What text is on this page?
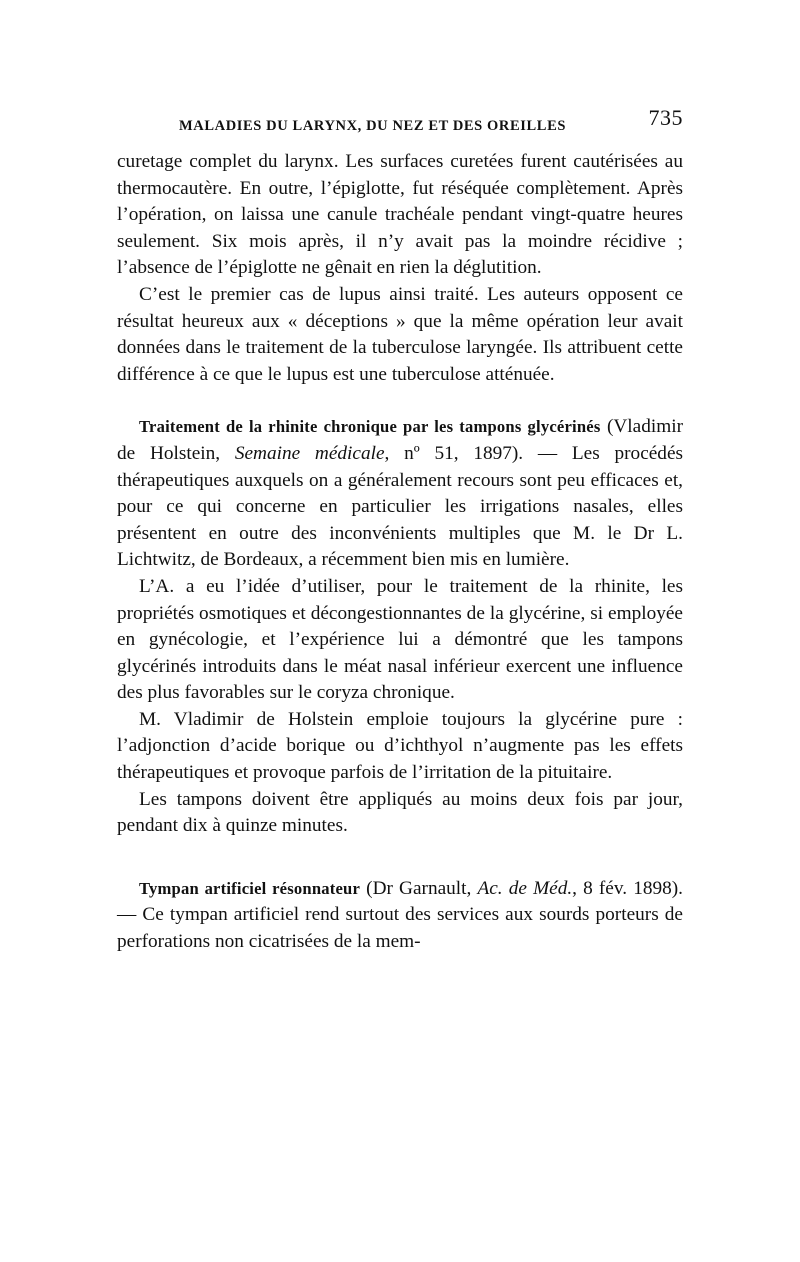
MALADIES DU LARYNX, DU NEZ ET DES OREILLES	735

curetage complet du larynx. Les surfaces curetées furent cautérisées au thermocautère. En outre, l’épiglotte, fut réséquée complètement. Après l’opération, on laissa une canule trachéale pendant vingt-quatre heures seulement. Six mois après, il n’y avait pas la moindre récidive ; l’absence de l’épiglotte ne gênait en rien la déglutition.

C’est le premier cas de lupus ainsi traité. Les auteurs opposent ce résultat heureux aux « déceptions » que la même opération leur avait données dans le traitement de la tuberculose laryngée. Ils attribuent cette différence à ce que le lupus est une tuberculose atténuée.

Traitement de la rhinite chronique par les tampons glycérinés (Vladimir de Holstein, Semaine médicale, nº 51, 1897). — Les procédés thérapeutiques auxquels on a généralement recours sont peu efficaces et, pour ce qui concerne en particulier les irrigations nasales, elles présentent en outre des inconvénients multiples que M. le Dr L. Lichtwitz, de Bordeaux, a récemment bien mis en lumière.

L’A. a eu l’idée d’utiliser, pour le traitement de la rhinite, les propriétés osmotiques et décongestionnantes de la glycérine, si employée en gynécologie, et l’expérience lui a démontré que les tampons glycérinés introduits dans le méat nasal inférieur exercent une influence des plus favorables sur le coryza chronique.

M. Vladimir de Holstein emploie toujours la glycérine pure : l’adjonction d’acide borique ou d’ichthyol n’augmente pas les effets thérapeutiques et provoque parfois de l’irritation de la pituitaire.

Les tampons doivent être appliqués au moins deux fois par jour, pendant dix à quinze minutes.

Tympan artificiel résonnateur (Dr Garnault, Ac. de Méd., 8 fév. 1898). — Ce tympan artificiel rend surtout des services aux sourds porteurs de perforations non cicatrisées de la mem-
